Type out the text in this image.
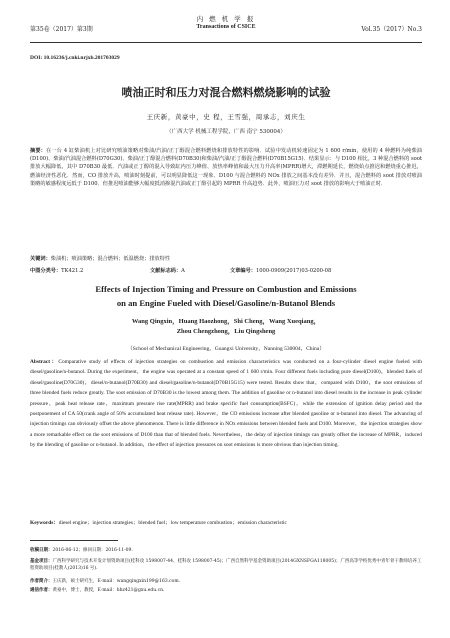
第35卷（2017）第3期
内 燃 机 学 报
Transactions of CSICE	Vol.35（2017）No.3
DOI: 10.16236/j.cnki.nrjxb.201703029
喷油正时和压力对混合燃料燃烧影响的试验
王庆新，黄豪中，史 程，王雪强，周承志，刘庆生
（广西大学 机械工程学院，广西 南宁 530004）
摘要：在一台 4 缸柴油机上对比研究喷油策略对柴油/汽油/正丁醇混合燃料燃烧和排放特性的影响．试验中发动机转速固定为 1 600 r/min，使用的 4 种燃料为纯柴油(D100)、柴油/汽油混合燃料(D70G30)、柴油/正丁醇混合燃料(D70B30)和柴油/汽油/正丁醇混合燃料(D70B15G15)．结果显示：与 D100 相比，3 种混合燃料的 soot 排放大幅降低，其中 D70B30 最低．汽油或正丁醇的混入导致缸内压力峰值、放热率峰值和最大压力升高率(MPRR)增大，滞燃期延长，燃烧始点推迟和燃烧重心推迟，燃油经济性恶化．然而，CO 排放升高，喷油时刻提前，可以明显降低这一现象．D100 与混合燃料的 NOx 排放之间基本没有差异．并且，混合燃料的 soot 排放对喷油策略的敏感程度远低于 D100．但推迟喷油能够大幅度抵消掺混汽油或正丁醇引起的 MPRR 升高趋势．此外，喷油压力对 soot 排放的影响大于喷油正时．
关键词：柴油机；喷油策略；混合燃料；低温燃烧；排放特性
中图分类号：TK421.2	文献标志码：A	文章编号：1000-0909(2017)03-0200-08
Effects of Injection Timing and Pressure on Combustion and Emissions
on an Engine Fueled with Diesel/Gasoline/n-Butanol Blends
Wang Qingxin，Huang Haozhong，Shi Cheng，Wang Xueqiang，
Zhou Chengzhong，Liu Qingsheng
（School of Mechanical Engineering，Guangxi University，Nanning 530004，China）
Abstract：Comparative study of effects of injection strategies on combustion and emission characteristics was conducted on a four-cylinder diesel engine fueled with diesel/gasoline/n-butanol. During the experiment，the engine was operated at a constant speed of 1 600 r/min. Four different fuels including pure diesel(D100)，blended fuels of diesel/gasoline(D70G30)，diesel/n-butanol(D70B30) and diesel/gasoline/n-butanol(D70B15G15) were tested. Results show that，compared with D100，the soot emissions of three blended fuels reduce greatly. The soot emission of D70B30 is the lowest among them. The addition of gasoline or n-butanol into diesel results in the increase in peak cylinder pressure，peak heat release rate，maximum pressure rise rate(MPRR) and brake specific fuel consumption(BSFC)，while the extension of ignition delay period and the postponement of CA 50(crank angle of 50% accumulated heat release rate). However，the CO emissions increase after blended gasoline or n-butanol into diesel. The advancing of injection timings can obviously offset the above phenomenon. There is little difference in NOx emissions between blended fuels and D100. Moreover，the injection strategies show a more remarkable effect on the soot emissions of D100 than that of blended fuels. Nevertheless，the delay of injection timings can greatly offset the increase of MPRR，induced by the blending of gasoline or n-butanol. In addition，the effect of injection pressures on soot emissions is more obvious than injection timing.
Keywords：diesel engine；injection strategies；blended fuel；low temperature combustion；emission characteristic
收稿日期：2016-06-12；修回日期：2016-11-09.
基金项目：广西科学研究与技术开发计划资助项目(桂科攻 1598007-44、桂科攻 1598007-45)；广西自然科学基金资助项目(2014GXNSFGA118005)；广西高等学校优秀中青年骨干教师培养工程资助项目(桂教人(2013)16 号).
作者简介：王庆新，硕士研究生，E-mail：wangqingxin199@163.com.
通信作者：黄豪中，博士，教授，E-mail：hhz421@gxu.edu.cn.
